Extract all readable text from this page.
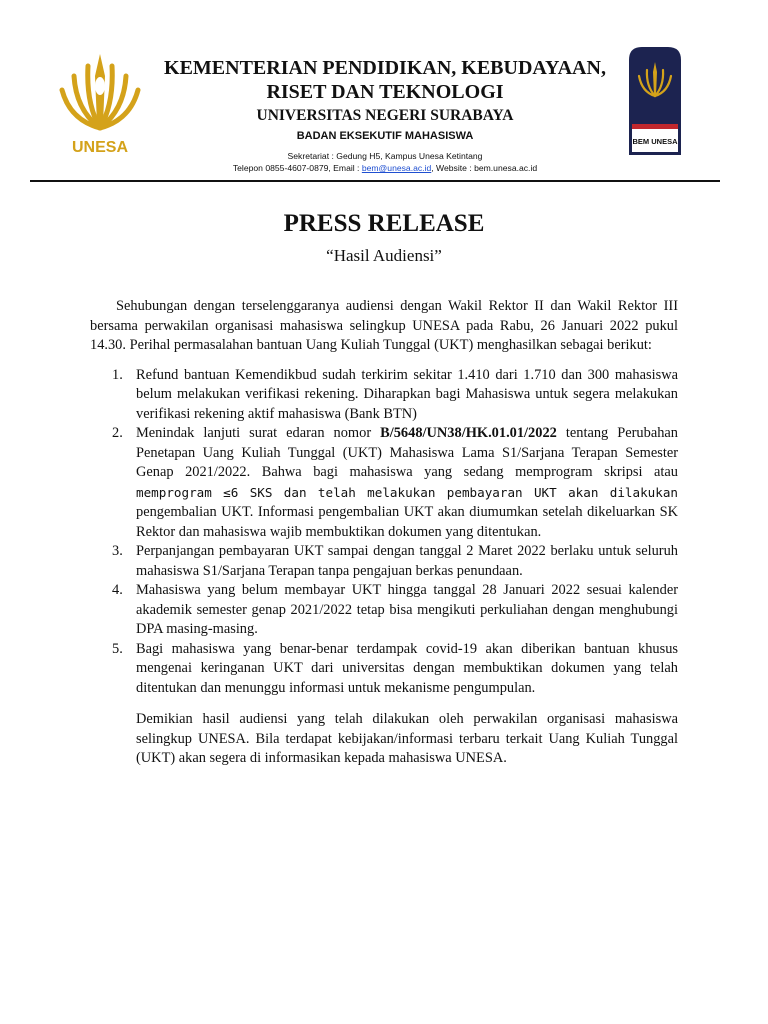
UNESA
KEMENTERIAN PENDIDIKAN, KEBUDAYAAN,
RISET DAN TEKNOLOGI
UNIVERSITAS NEGERI SURABAYA
BADAN EKSEKUTIF MAHASISWA
Sekretariat : Gedung H5, Kampus Unesa Ketintang
Telepon 0855-4607-0879, Email : bem@unesa.ac.id, Website : bem.unesa.ac.id
BEM UNESA
PRESS RELEASE
“Hasil Audiensi”

Sehubungan dengan terselenggaranya audiensi dengan Wakil Rektor II dan Wakil Rektor III bersama perwakilan organisasi mahasiswa selingkup UNESA pada Rabu, 26 Januari 2022 pukul 14.30. Perihal permasalahan bantuan Uang Kuliah Tunggal (UKT) menghasilkan sebagai berikut:

1. Refund bantuan Kemendikbud sudah terkirim sekitar 1.410 dari 1.710 dan 300 mahasiswa belum melakukan verifikasi rekening. Diharapkan bagi Mahasiswa untuk segera melakukan verifikasi rekening aktif mahasiswa (Bank BTN)
2. Menindak lanjuti surat edaran nomor B/5648/UN38/HK.01.01/2022 tentang Perubahan Penetapan Uang Kuliah Tunggal (UKT) Mahasiswa Lama S1/Sarjana Terapan Semester Genap 2021/2022. Bahwa bagi mahasiswa yang sedang memprogram skripsi atau memprogram ≤6 SKS dan telah melakukan pembayaran UKT akan dilakukan pengembalian UKT. Informasi pengembalian UKT akan diumumkan setelah dikeluarkan SK Rektor dan mahasiswa wajib membuktikan dokumen yang ditentukan.
3. Perpanjangan pembayaran UKT sampai dengan tanggal 2 Maret 2022 berlaku untuk seluruh mahasiswa S1/Sarjana Terapan tanpa pengajuan berkas penundaan.
4. Mahasiswa yang belum membayar UKT hingga tanggal 28 Januari 2022 sesuai kalender akademik semester genap 2021/2022 tetap bisa mengikuti perkuliahan dengan menghubungi DPA masing-masing.
5. Bagi mahasiswa yang benar-benar terdampak covid-19 akan diberikan bantuan khusus mengenai keringanan UKT dari universitas dengan membuktikan dokumen yang telah ditentukan dan menunggu informasi untuk mekanisme pengumpulan.

Demikian hasil audiensi yang telah dilakukan oleh perwakilan organisasi mahasiswa selingkup UNESA. Bila terdapat kebijakan/informasi terbaru terkait Uang Kuliah Tunggal (UKT) akan segera di informasikan kepada mahasiswa UNESA.
